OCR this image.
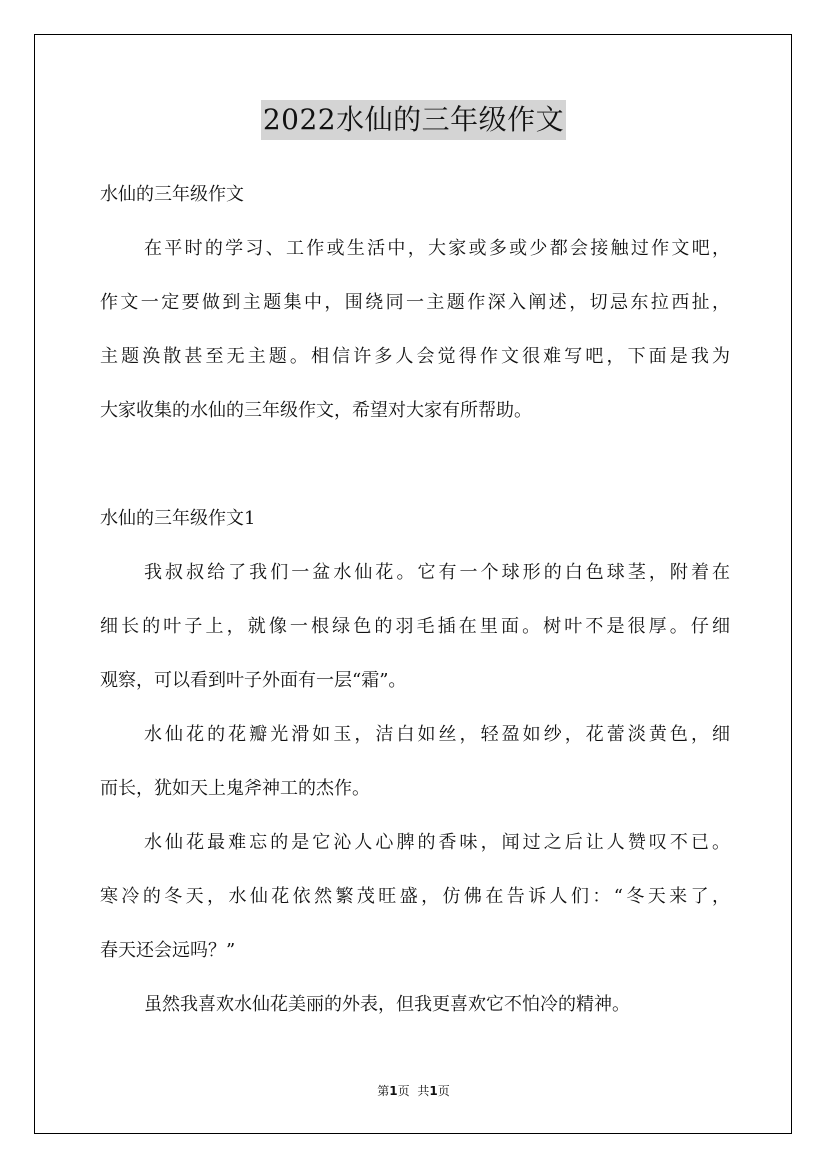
2022水仙的三年级作文
水仙的三年级作文
在平时的学习、工作或生活中，大家或多或少都会接触过作文吧，
作文一定要做到主题集中，围绕同一主题作深入阐述，切忌东拉西扯，
主题涣散甚至无主题。相信许多人会觉得作文很难写吧，下面是我为
大家收集的水仙的三年级作文，希望对大家有所帮助。
水仙的三年级作文1
我叔叔给了我们一盆水仙花。它有一个球形的白色球茎，附着在
细长的叶子上，就像一根绿色的羽毛插在里面。树叶不是很厚。仔细
观察，可以看到叶子外面有一层“霜”。
水仙花的花瓣光滑如玉，洁白如丝，轻盈如纱，花蕾淡黄色，细
而长，犹如天上鬼斧神工的杰作。
水仙花最难忘的是它沁人心脾的香味，闻过之后让人赞叹不已。
寒冷的冬天，水仙花依然繁茂旺盛，仿佛在告诉人们：“冬天来了，
春天还会远吗？”
虽然我喜欢水仙花美丽的外表，但我更喜欢它不怕冷的精神。
第1页 共1页
